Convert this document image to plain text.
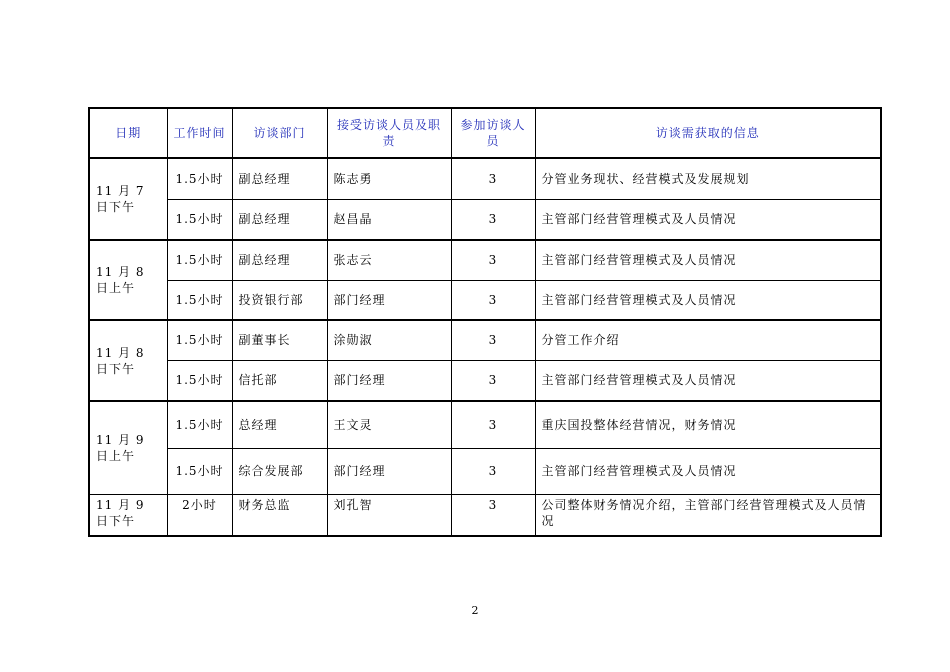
日期	工作时间	访谈部门	接受访谈人员及职责	参加访谈人员	访谈需获取的信息
11 月 7 日下午	1.5小时	副总经理	陈志勇	3	分管业务现状、经营模式及发展规划
	1.5小时	副总经理	赵昌晶	3	主管部门经营管理模式及人员情况
11 月 8 日上午	1.5小时	副总经理	张志云	3	主管部门经营管理模式及人员情况
	1.5小时	投资银行部	部门经理	3	主管部门经营管理模式及人员情况
11 月 8 日下午	1.5小时	副董事长	涂勋淑	3	分管工作介绍
	1.5小时	信托部	部门经理	3	主管部门经营管理模式及人员情况
11 月 9 日上午	1.5小时	总经理	王文灵	3	重庆国投整体经营情况，财务情况
	1.5小时	综合发展部	部门经理	3	主管部门经营管理模式及人员情况
11 月 9 日下午	2小时	财务总监	刘孔智	3	公司整体财务情况介绍，主管部门经营管理模式及人员情况
2
